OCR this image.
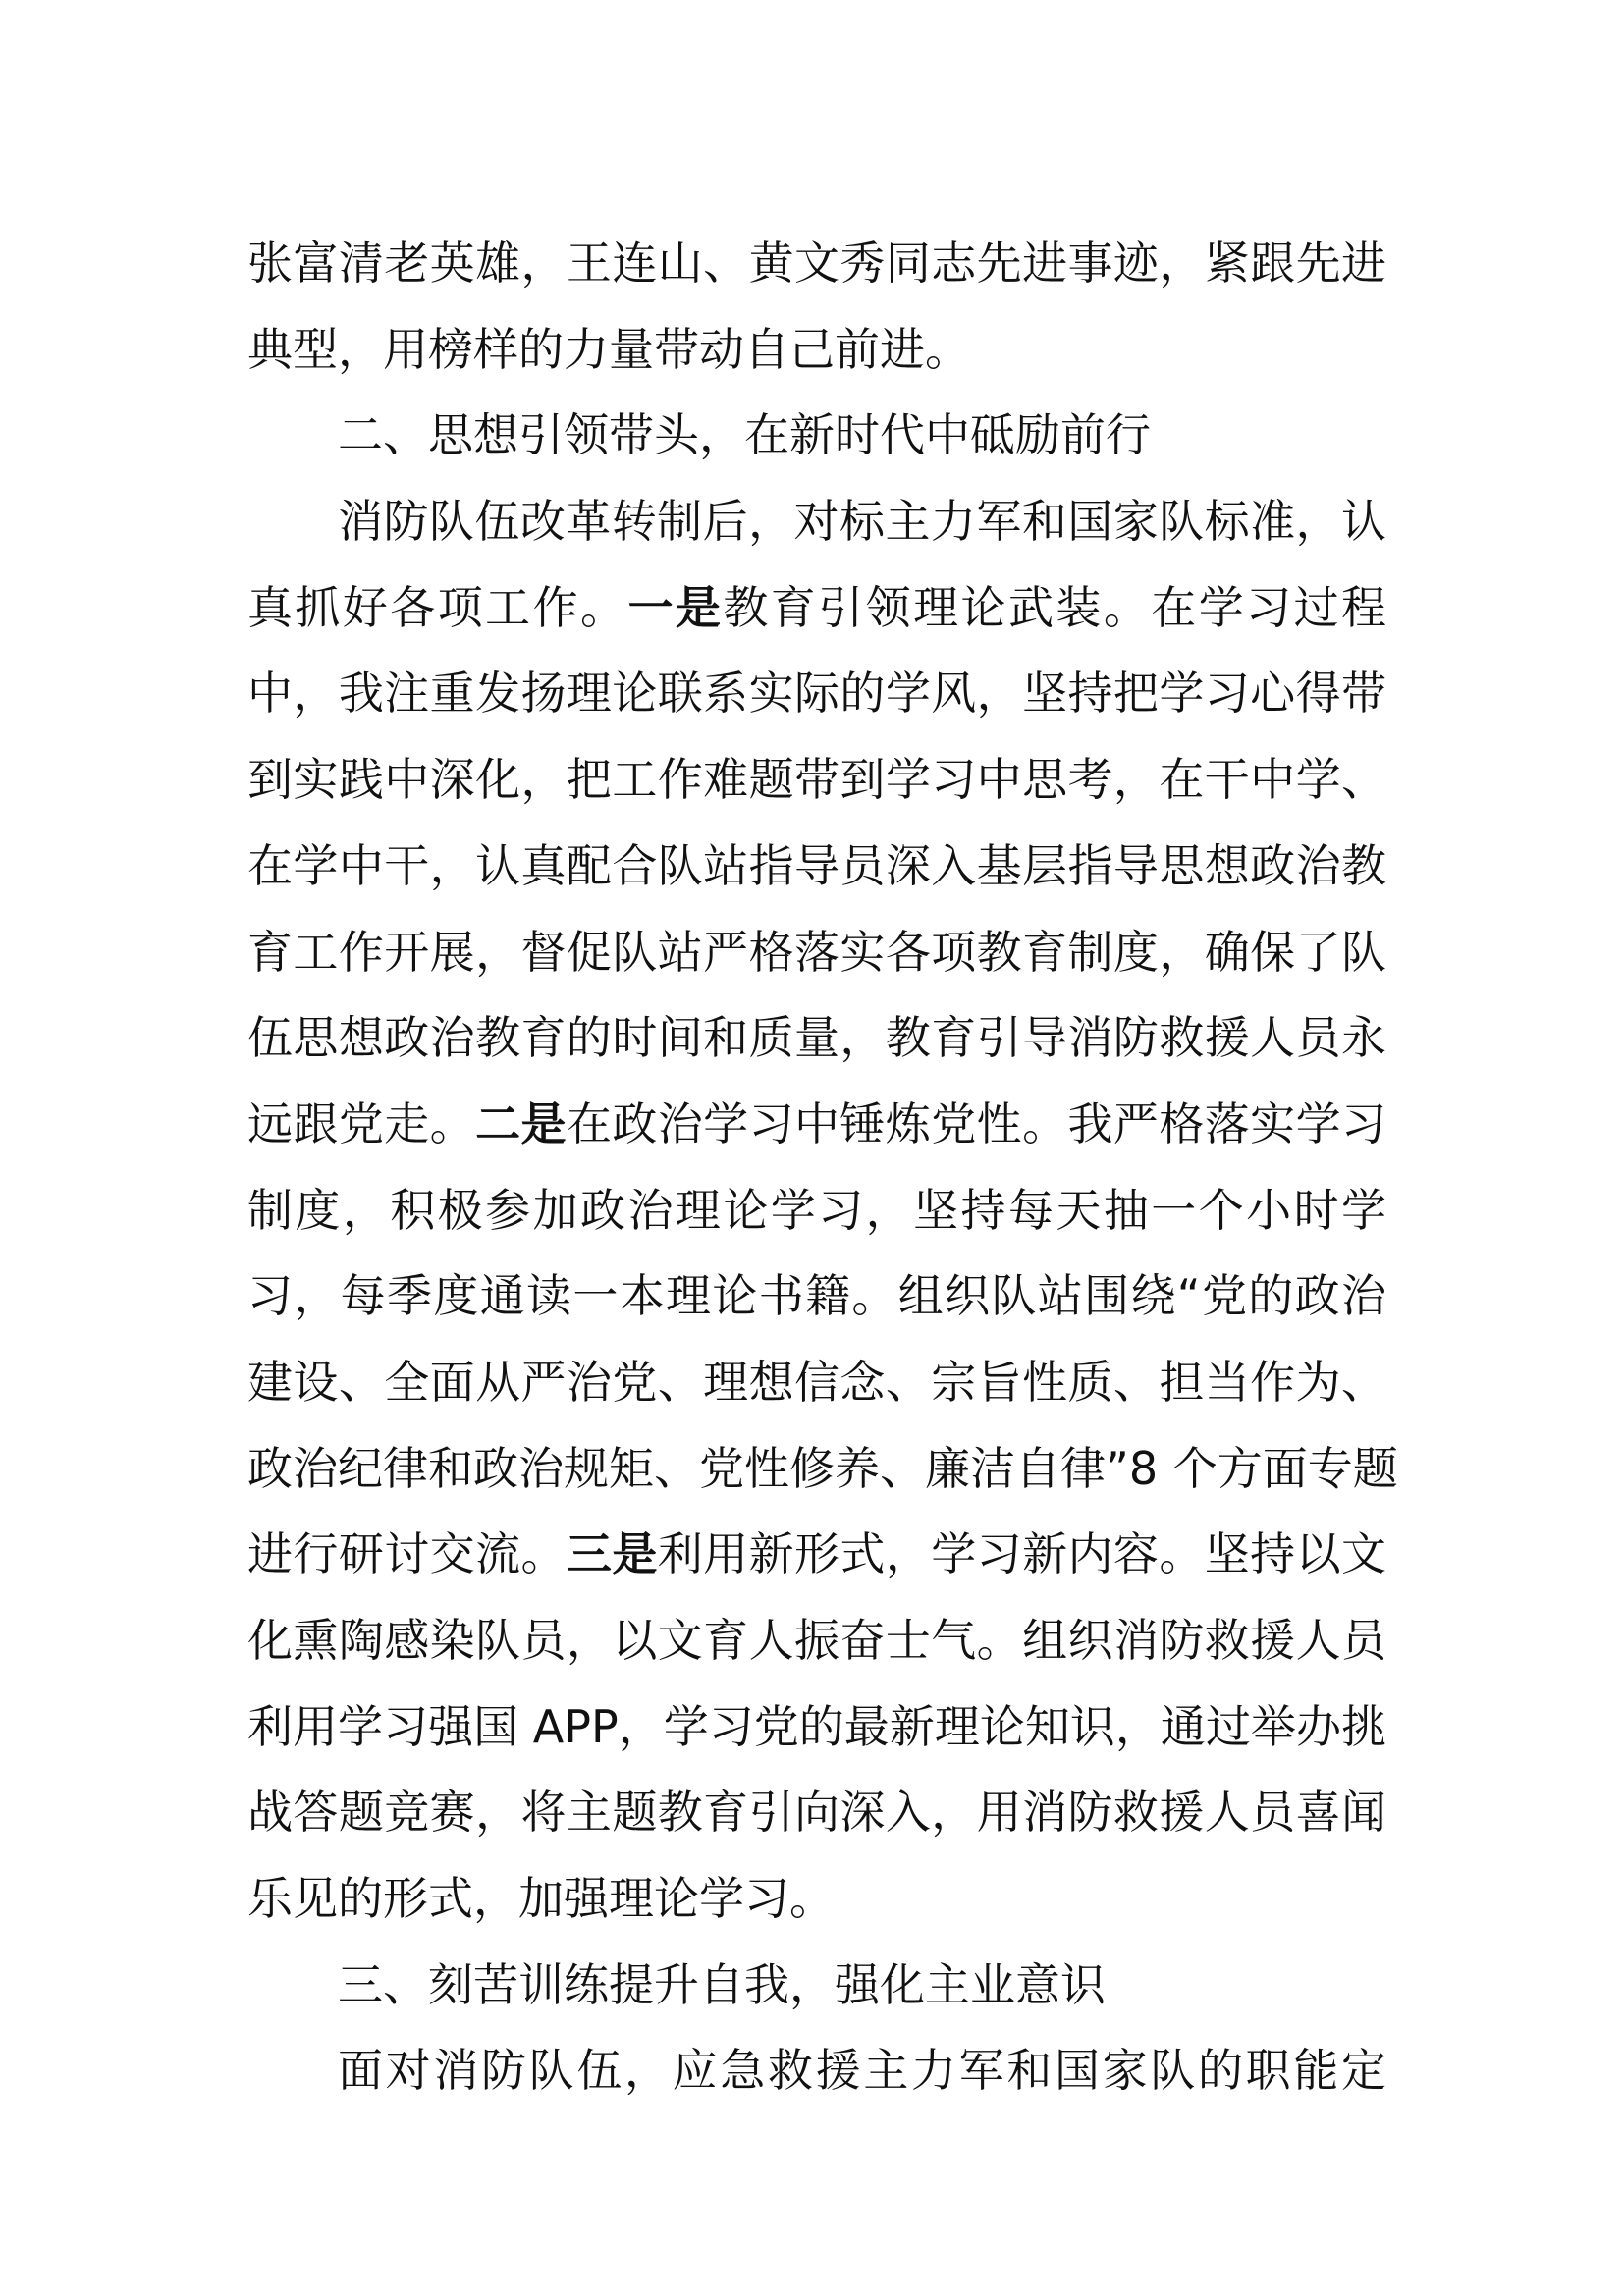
张富清老英雄，王连山、黄文秀同志先进事迹，紧跟先进
典型，用榜样的力量带动自己前进。
二、思想引领带头，在新时代中砥励前行
消防队伍改革转制后，对标主力军和国家队标准，认
真抓好各项工作。一是教育引领理论武装。在学习过程
中，我注重发扬理论联系实际的学风，坚持把学习心得带
到实践中深化，把工作难题带到学习中思考，在干中学、
在学中干，认真配合队站指导员深入基层指导思想政治教
育工作开展，督促队站严格落实各项教育制度，确保了队
伍思想政治教育的时间和质量，教育引导消防救援人员永
远跟党走。二是在政治学习中锤炼党性。我严格落实学习
制度，积极参加政治理论学习，坚持每天抽一个小时学
习，每季度通读一本理论书籍。组织队站围绕“党的政治
建设、全面从严治党、理想信念、宗旨性质、担当作为、
政治纪律和政治规矩、党性修养、廉洁自律”8 个方面专题
进行研讨交流。三是利用新形式，学习新内容。坚持以文
化熏陶感染队员，以文育人振奋士气。组织消防救援人员
利用学习强国 APP，学习党的最新理论知识，通过举办挑
战答题竞赛，将主题教育引向深入，用消防救援人员喜闻
乐见的形式，加强理论学习。
三、刻苦训练提升自我，强化主业意识
面对消防队伍，应急救援主力军和国家队的职能定
